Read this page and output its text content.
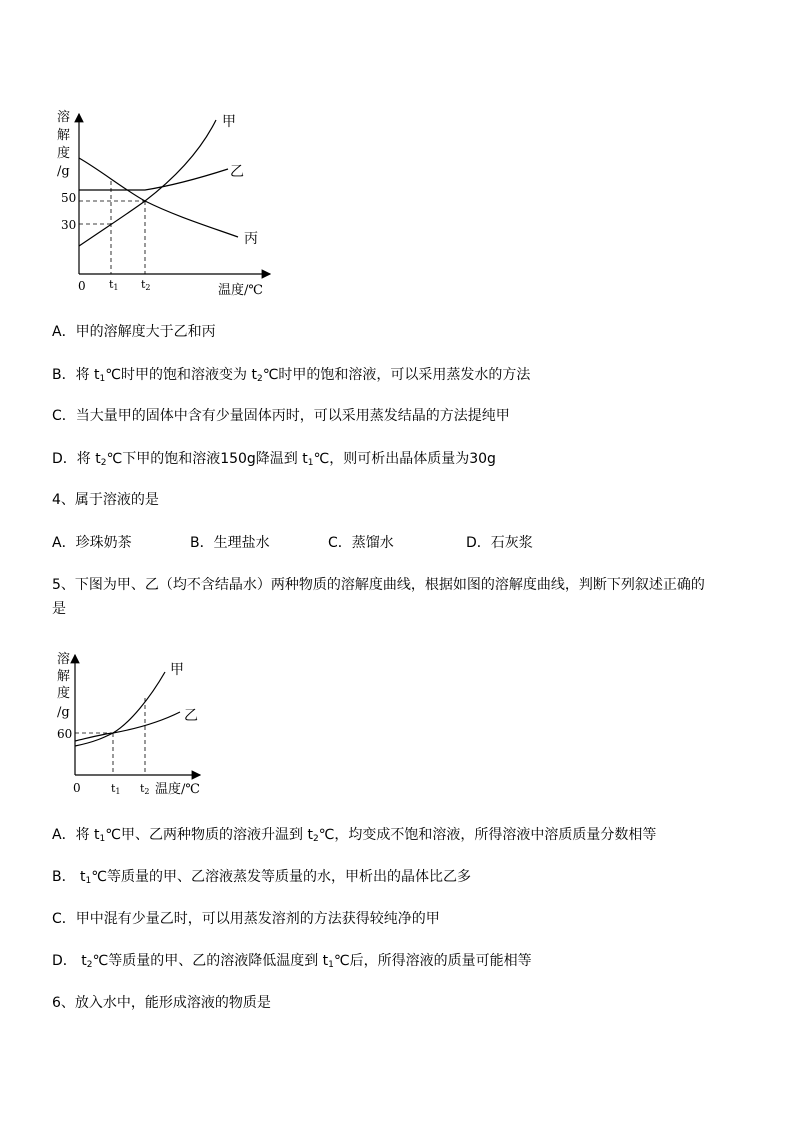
溶
解
度
/g
50
30
0 t1 t2	温度/℃
甲
乙
丙
A．甲的溶解度大于乙和丙
B．将 $t_1℃$时甲的饱和溶液变为 $t_2℃$时甲的饱和溶液，可以采用蒸发水的方法
C．当大量甲的固体中含有少量固体丙时，可以采用蒸发结晶的方法提纯甲
D．将 $t_2℃$下甲的饱和溶液150g降温到 $t_1℃$，则可析出晶体质量为30g
4、属于溶液的是
A．珍珠奶茶	B．生理盐水	C．蒸馏水	D．石灰浆
5、下图为甲、乙（均不含结晶水）两种物质的溶解度曲线，根据如图的溶解度曲线，判断下列叙述正确的
是
溶
解
度
/g
60
0	t1 t2 温度/℃
甲
乙
A．将 $t_1℃$甲、乙两种物质的溶液升温到 $t_2℃$，均变成不饱和溶液，所得溶液中溶质质量分数相等
B． $t_1℃$等质量的甲、乙溶液蒸发等质量的水，甲析出的晶体比乙多
C．甲中混有少量乙时，可以用蒸发溶剂的方法获得较纯净的甲
D． $t_2℃$等质量的甲、乙的溶液降低温度到 $t_1℃$后，所得溶液的质量可能相等
6、放入水中，能形成溶液的物质是
